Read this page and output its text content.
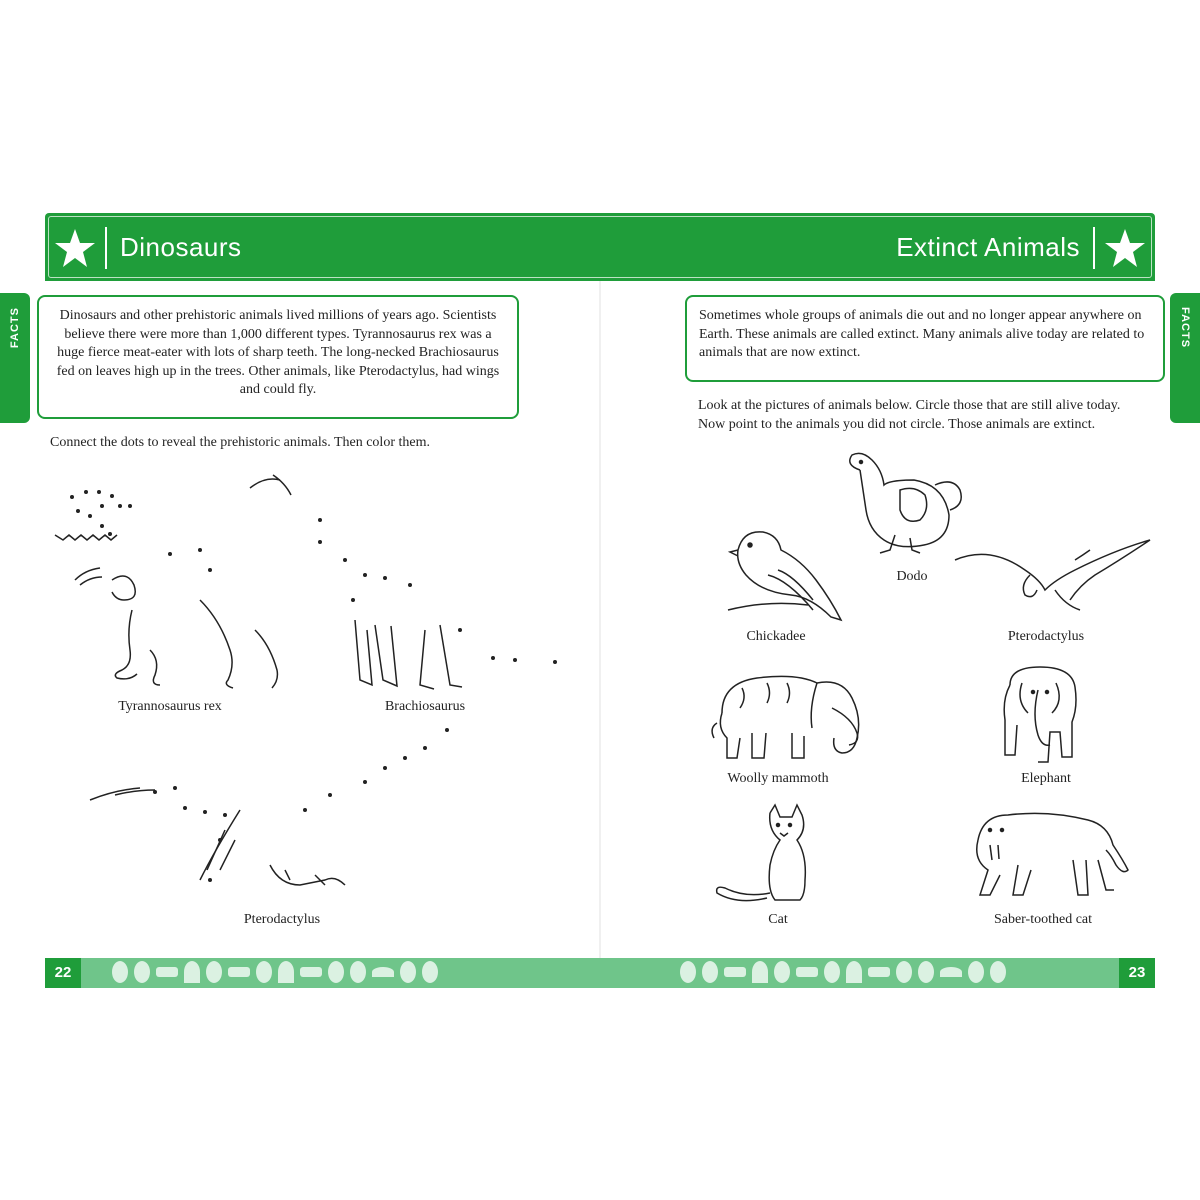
Dinosaurs	Extinct Animals
FACTS	FACTS
Dinosaurs and other prehistoric animals lived millions of years ago. Scientists believe there were more than 1,000 different types. Tyrannosaurus rex was a huge fierce meat-eater with lots of sharp teeth. The long-necked Brachiosaurus fed on leaves high up in the trees. Other animals, like Pterodactylus, had wings and could fly.
Connect the dots to reveal the prehistoric animals. Then color them.
Tyrannosaurus rex	Brachiosaurus
Pterodactylus
Sometimes whole groups of animals die out and no longer appear anywhere on Earth. These animals are called extinct. Many animals alive today are related to animals that are now extinct.
Look at the pictures of animals below. Circle those that are still alive today. Now point to the animals you did not circle. Those animals are extinct.
Dodo
Chickadee	Pterodactylus
Woolly mammoth	Elephant
Cat	Saber-toothed cat
22	23
